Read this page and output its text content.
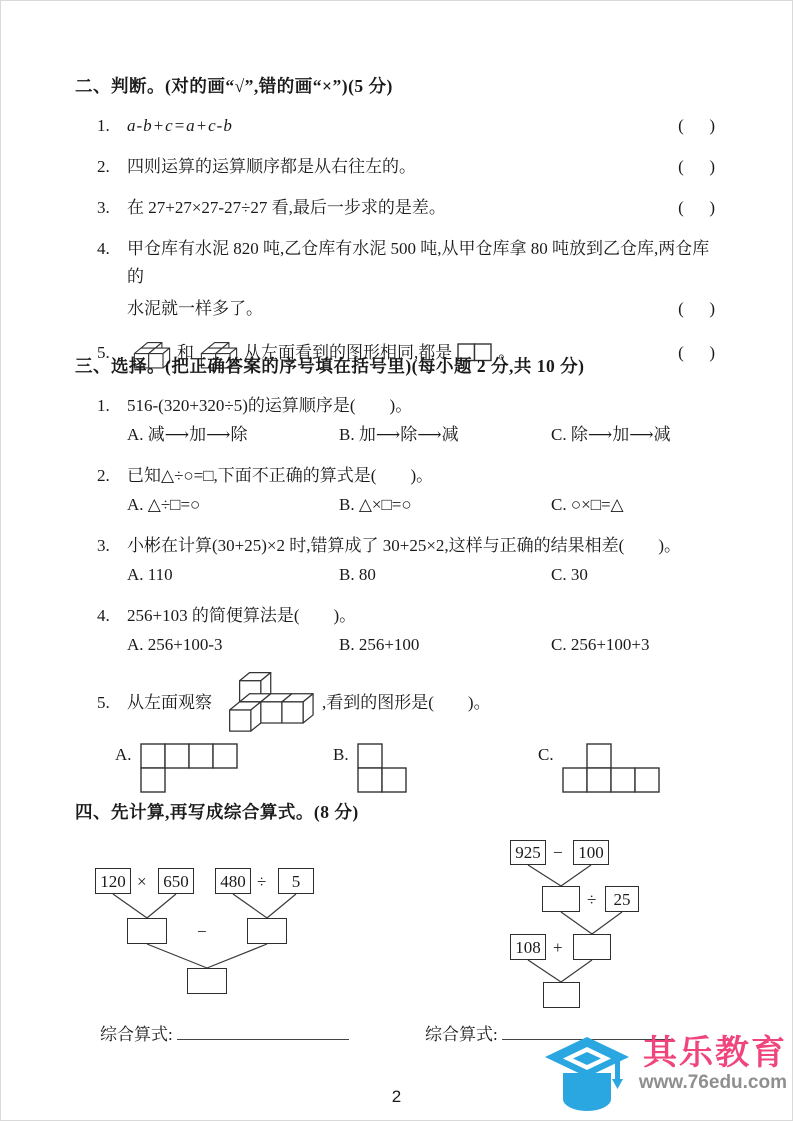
二、判断。(对的画“√”,错的画“×”)(5 分)
1.	a-b+c=a+c-b	(      )
2.	四则运算的运算顺序都是从右往左的。	(      )
3.	在 27+27×27-27÷27 看,最后一步求的是差。	(      )
4.	甲仓库有水泥 820 吨,乙仓库有水泥 500 吨,从甲仓库拿 80 吨放到乙仓库,两仓库的
水泥就一样多了。	(      )
5.	和	从左面看到的图形相同,都是	。	(      )
三、选择。(把正确答案的序号填在括号里)(每小题 2 分,共 10 分)
1.	516-(320+320÷5)的运算顺序是(　　)。
A. 减⟶加⟶除	B. 加⟶除⟶减	C. 除⟶加⟶减
2.	已知△÷○=□,下面不正确的算式是(　　)。
A. △÷□=○	B. △×□=○	C. ○×□=△
3.	小彬在计算(30+25)×2 时,错算成了 30+25×2,这样与正确的结果相差(　　)。
A. 110	B. 80	C. 30
4.	256+103 的简便算法是(　　)。
A. 256+100-3	B. 256+100	C. 256+100+3
5.	从左面观察	,看到的图形是(　　)。
A.	B.	C.
四、先计算,再写成综合算式。(8 分)
120 × 650	480 ÷	5
−
925 − 100
÷	25
108 +
综合算式:	综合算式:
2
其乐教育
www.76edu.com
